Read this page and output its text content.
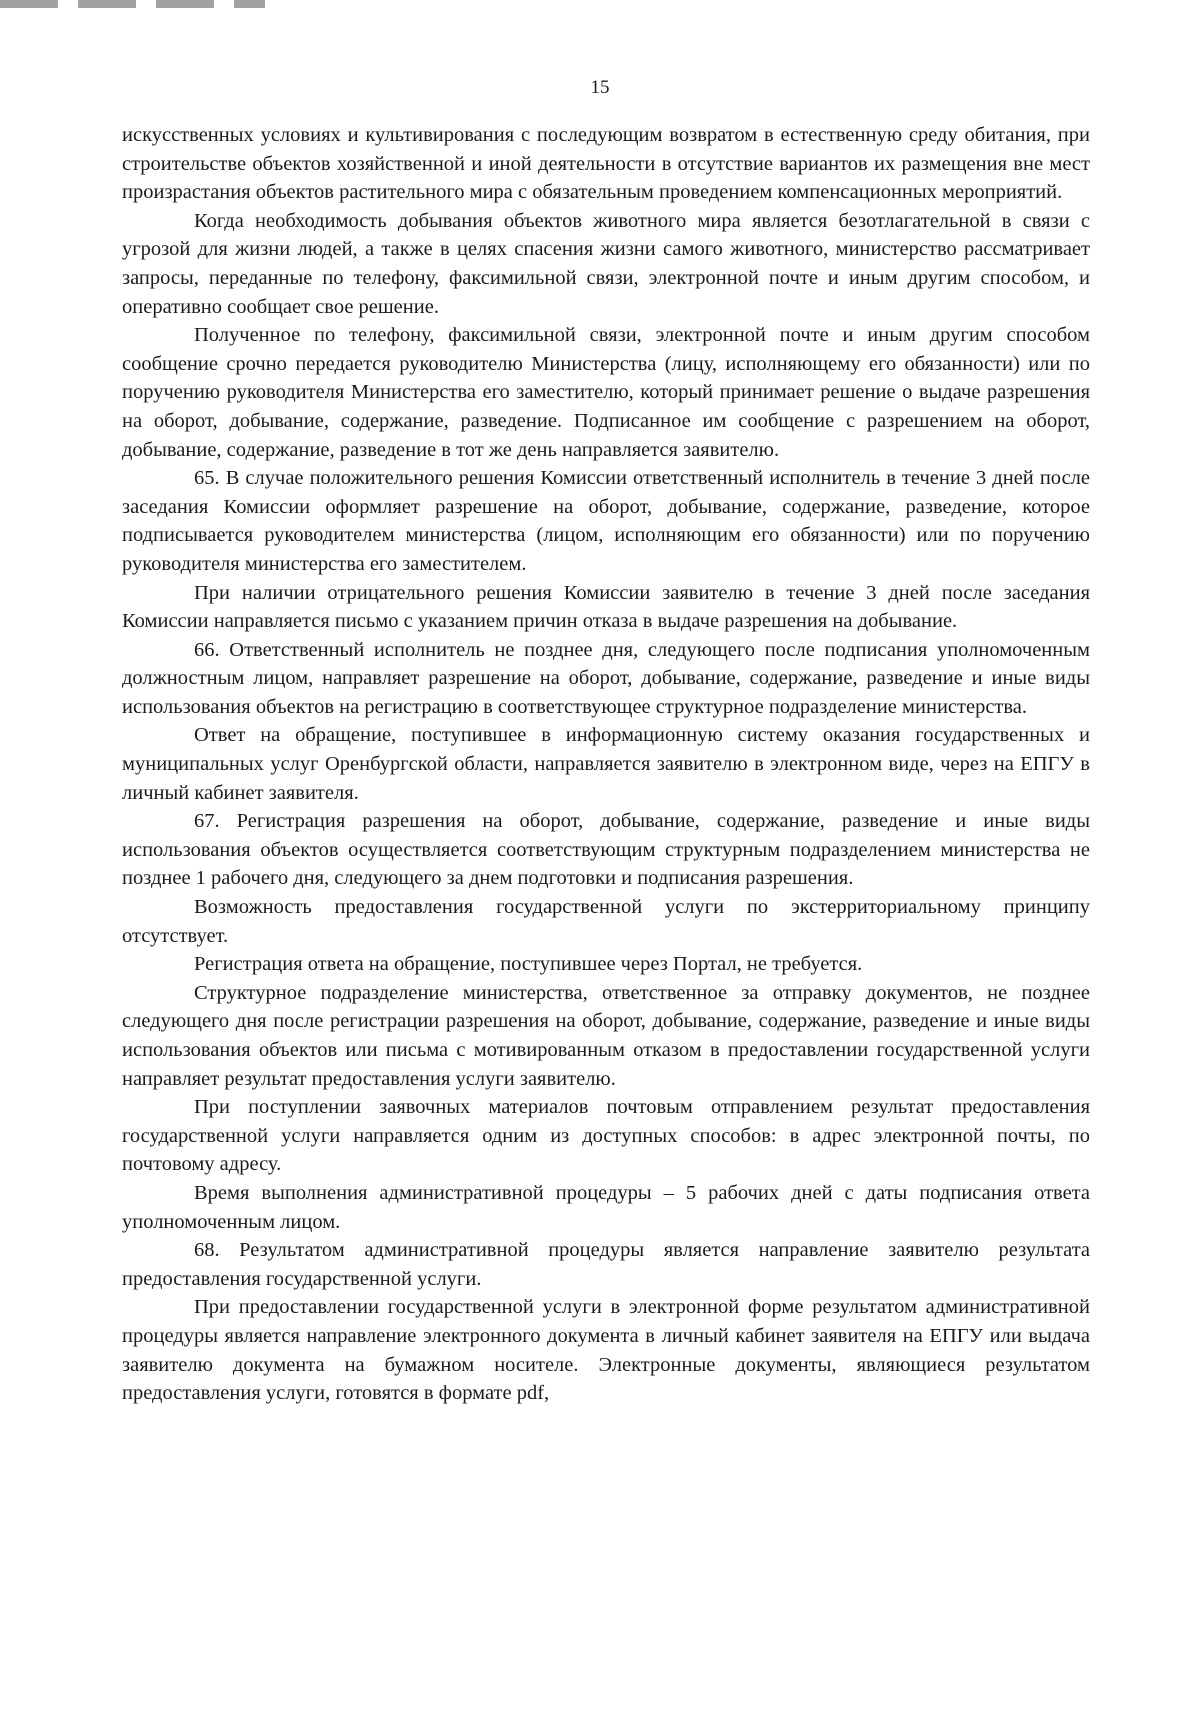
15

искусственных условиях и культивирования с последующим возвратом в естественную среду обитания, при строительстве объектов хозяйственной и иной деятельности в отсутствие вариантов их размещения вне мест произрастания объектов растительного мира с обязательным проведением компенсационных мероприятий.

Когда необходимость добывания объектов животного мира является безотлагательной в связи с угрозой для жизни людей, а также в целях спасения жизни самого животного, министерство рассматривает запросы, переданные по телефону, факсимильной связи, электронной почте и иным другим способом, и оперативно сообщает свое решение.

Полученное по телефону, факсимильной связи, электронной почте и иным другим способом сообщение срочно передается руководителю Министерства (лицу, исполняющему его обязанности) или по поручению руководителя Министерства его заместителю, который принимает решение о выдаче разрешения на оборот, добывание, содержание, разведение. Подписанное им сообщение с разрешением на оборот, добывание, содержание, разведение в тот же день направляется заявителю.

65. В случае положительного решения Комиссии ответственный исполнитель в течение 3 дней после заседания Комиссии оформляет разрешение на оборот, добывание, содержание, разведение, которое подписывается руководителем министерства (лицом, исполняющим его обязанности) или по поручению руководителя министерства его заместителем.

При наличии отрицательного решения Комиссии заявителю в течение 3 дней после заседания Комиссии направляется письмо с указанием причин отказа в выдаче разрешения на добывание.

66. Ответственный исполнитель не позднее дня, следующего после подписания уполномоченным должностным лицом, направляет разрешение на оборот, добывание, содержание, разведение и иные виды использования объектов на регистрацию в соответствующее структурное подразделение министерства.

Ответ на обращение, поступившее в информационную систему оказания государственных и муниципальных услуг Оренбургской области, направляется заявителю в электронном виде, через на ЕПГУ в личный кабинет заявителя.

67. Регистрация разрешения на оборот, добывание, содержание, разведение и иные виды использования объектов осуществляется соответствующим структурным подразделением министерства не позднее 1 рабочего дня, следующего за днем подготовки и подписания разрешения.

Возможность предоставления государственной услуги по экстерриториальному принципу отсутствует.

Регистрация ответа на обращение, поступившее через Портал, не требуется.

Структурное подразделение министерства, ответственное за отправку документов, не позднее следующего дня после регистрации разрешения на оборот, добывание, содержание, разведение и иные виды использования объектов или письма с мотивированным отказом в предоставлении государственной услуги направляет результат предоставления услуги заявителю.

При поступлении заявочных материалов почтовым отправлением результат предоставления государственной услуги направляется одним из доступных способов: в адрес электронной почты, по почтовому адресу.

Время выполнения административной процедуры – 5 рабочих дней с даты подписания ответа уполномоченным лицом.

68. Результатом административной процедуры является направление заявителю результата предоставления государственной услуги.

При предоставлении государственной услуги в электронной форме результатом административной процедуры является направление электронного документа в личный кабинет заявителя на ЕПГУ или выдача заявителю документа на бумажном носителе. Электронные документы, являющиеся результатом предоставления услуги, готовятся в формате pdf,
